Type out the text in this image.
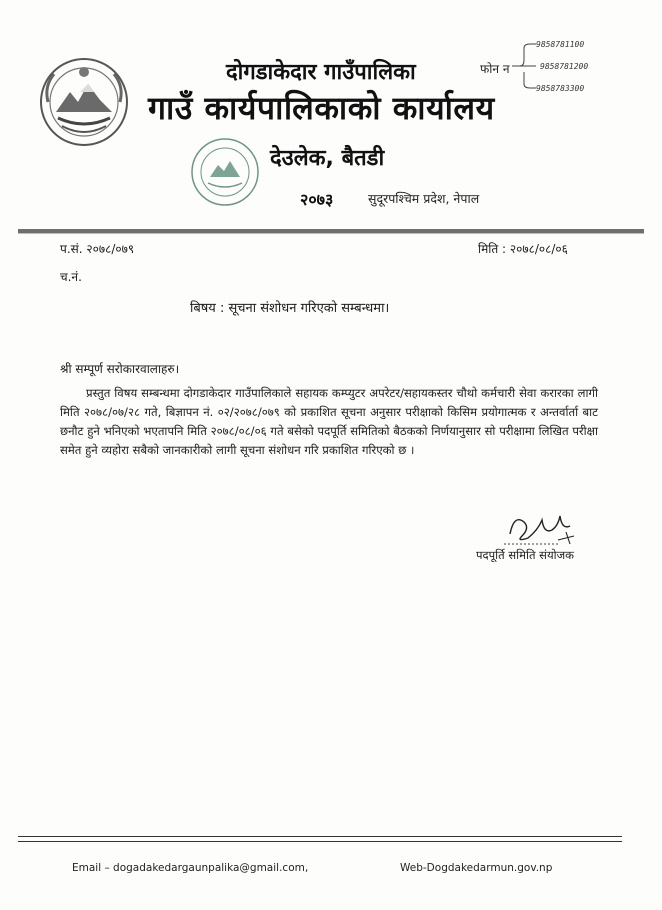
दोगडाकेदार गाउँपालिका
गाउँ कार्यपालिकाको कार्यालय
फोन न
9858781100
9858781200
9858783300
देउलेक, बैतडी
२०७३	सुदूरपश्चिम प्रदेश, नेपाल
प.सं. २०७८/०७९	मिति : २०७८/०८/०६
च.नं.
बिषय : सूचना संशोधन गरिएको सम्बन्धमा।
श्री सम्पूर्ण सरोकारवालाहरु।
प्रस्तुत विषय सम्बन्धमा दोगडाकेदार गाउँपालिकाले सहायक कम्प्युटर अपरेटर/सहायकस्तर चौथो कर्मचारी सेवा करारका लागी मिति २०७८/०७/२८ गते, बिज्ञापन नं. ०२/२०७८/०७९ को प्रकाशित सूचना अनुसार परीक्षाको किसिम प्रयोगात्मक र अन्तर्वार्ता बाट छनौट हुने भनिएको भएतापनि मिति २०७८/०८/०६ गते बसेको पदपूर्ति समितिको बैठकको निर्णयानुसार सो परीक्षामा लिखित परीक्षा समेत हुने व्यहोरा सबैको जानकारीको लागी सूचना संशोधन गरि प्रकाशित गरिएको छ ।
पदपूर्ति समिति संयोजक
Email – dogadakedargaunpalika@gmail.com,	Web-Dogdakedarmun.gov.np
